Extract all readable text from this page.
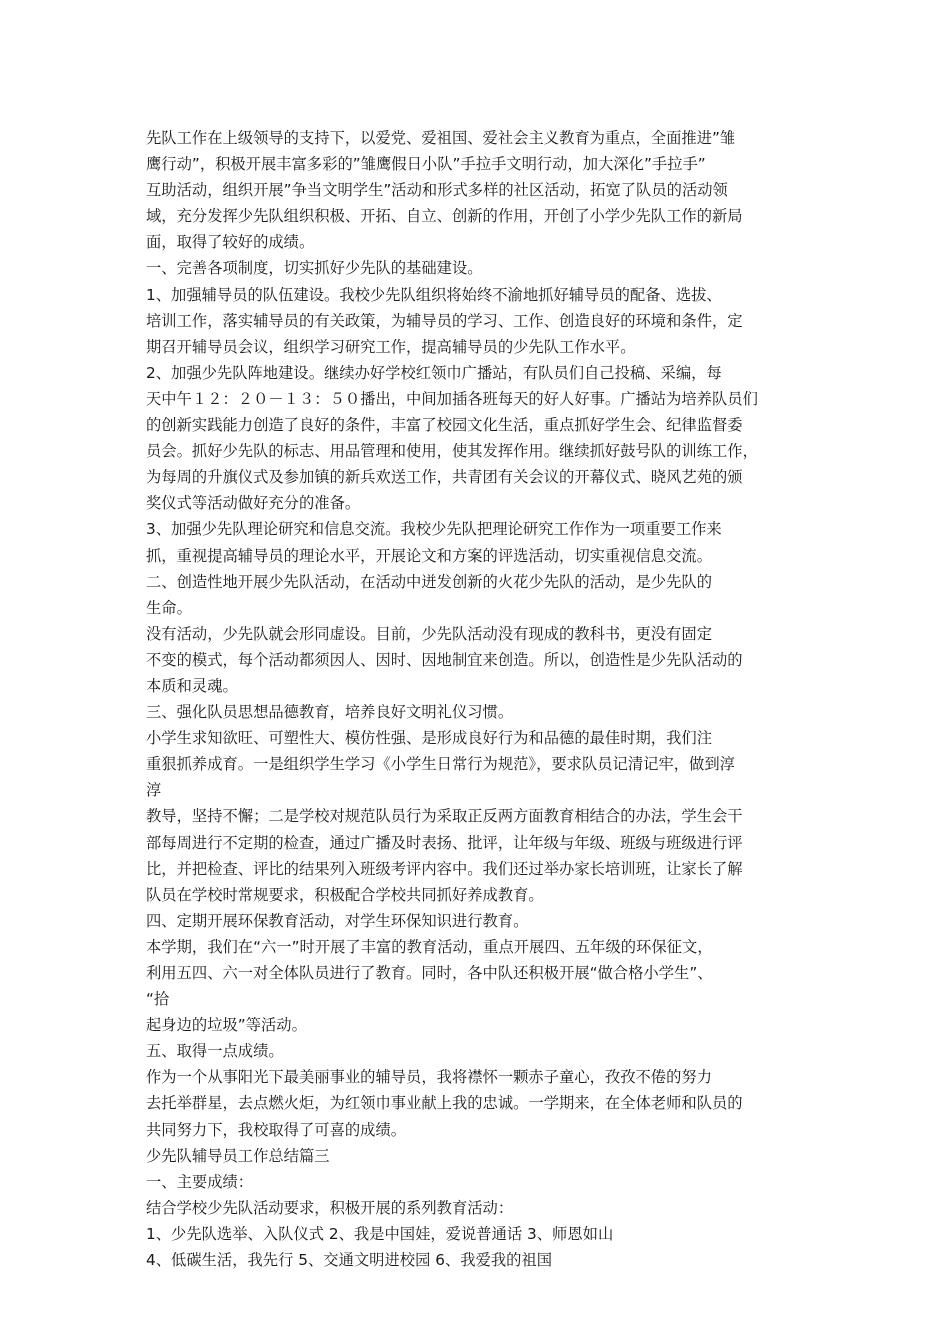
先队工作在上级领导的支持下，以爱党、爱祖国、爱社会主义教育为重点，全面推进”雏
鹰行动”，积极开展丰富多彩的”雏鹰假日小队”手拉手文明行动，加大深化”手拉手”
互助活动，组织开展”争当文明学生”活动和形式多样的社区活动，拓宽了队员的活动领
域，充分发挥少先队组织积极、开拓、自立、创新的作用，开创了小学少先队工作的新局
面，取得了较好的成绩。
一、完善各项制度，切实抓好少先队的基础建设。
1、加强辅导员的队伍建设。我校少先队组织将始终不渝地抓好辅导员的配备、选拔、
培训工作，落实辅导员的有关政策，为辅导员的学习、工作、创造良好的环境和条件，定
期召开辅导员会议，组织学习研究工作，提高辅导员的少先队工作水平。
2、加强少先队阵地建设。继续办好学校红领巾广播站，有队员们自己投稿、采编，每
天中午１２：２０－１３：５０播出，中间加插各班每天的好人好事。广播站为培养队员们
的创新实践能力创造了良好的条件，丰富了校园文化生活，重点抓好学生会、纪律监督委
员会。抓好少先队的标志、用品管理和使用，使其发挥作用。继续抓好鼓号队的训练工作，
为每周的升旗仪式及参加镇的新兵欢送工作，共青团有关会议的开幕仪式、晓风艺苑的颁
奖仪式等活动做好充分的准备。
3、加强少先队理论研究和信息交流。我校少先队把理论研究工作作为一项重要工作来
抓，重视提高辅导员的理论水平，开展论文和方案的评选活动，切实重视信息交流。
二、创造性地开展少先队活动，在活动中迸发创新的火花少先队的活动，是少先队的
生命。
没有活动，少先队就会形同虚设。目前，少先队活动没有现成的教科书，更没有固定
不变的模式，每个活动都须因人、因时、因地制宜来创造。所以，创造性是少先队活动的
本质和灵魂。
三、强化队员思想品德教育，培养良好文明礼仪习惯。
小学生求知欲旺、可塑性大、模仿性强、是形成良好行为和品德的最佳时期，我们注
重狠抓养成育。一是组织学生学习《小学生日常行为规范》，要求队员记清记牢，做到淳
淳
教导，坚持不懈；二是学校对规范队员行为采取正反两方面教育相结合的办法，学生会干
部每周进行不定期的检查，通过广播及时表扬、批评，让年级与年级、班级与班级进行评
比，并把检查、评比的结果列入班级考评内容中。我们还过举办家长培训班，让家长了解
队员在学校时常规要求，积极配合学校共同抓好养成教育。
四、定期开展环保教育活动，对学生环保知识进行教育。
本学期，我们在“六一”时开展了丰富的教育活动，重点开展四、五年级的环保征文，
利用五四、六一对全体队员进行了教育。同时，各中队还积极开展“做合格小学生”、
“拾
起身边的垃圾”等活动。
五、取得一点成绩。
作为一个从事阳光下最美丽事业的辅导员，我将襟怀一颗赤子童心，孜孜不倦的努力
去托举群星，去点燃火炬，为红领巾事业献上我的忠诚。一学期来，在全体老师和队员的
共同努力下，我校取得了可喜的成绩。
少先队辅导员工作总结篇三
一、主要成绩：
结合学校少先队活动要求，积极开展的系列教育活动：
1、少先队选举、入队仪式 2、我是中国娃，爱说普通话 3、师恩如山
4、低碳生活，我先行 5、交通文明进校园 6、我爱我的祖国
